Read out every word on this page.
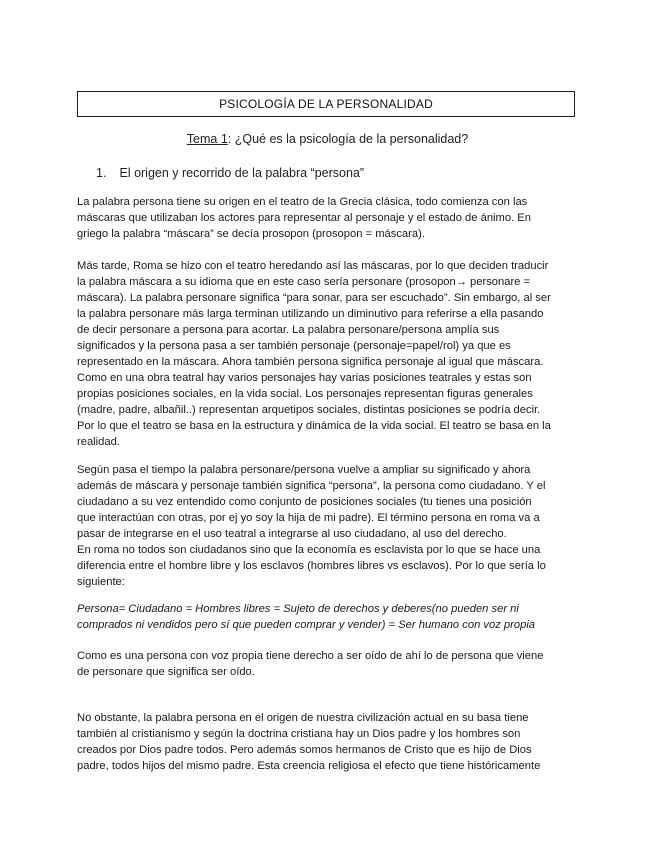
PSICOLOGÍA DE LA PERSONALIDAD
Tema 1: ¿Qué es la psicología de la personalidad?
1. El origen y recorrido de la palabra “persona”

La palabra persona tiene su origen en el teatro de la Grecia clásica, todo comienza con las
máscaras que utilizaban los actores para representar al personaje y el estado de ánimo. En
griego la palabra “máscara” se decía prosopon (prosopon = máscara).

Más tarde, Roma se hizo con el teatro heredando así las máscaras, por lo que deciden traducir
la palabra máscara a su idioma que en este caso sería personare (prosopon→ personare =
máscara). La palabra personare significa “para sonar, para ser escuchado”. Sin embargo, al ser
la palabra personare más larga terminan utilizando un diminutivo para referirse a ella pasando
de decir personare a persona para acortar. La palabra personare/persona amplía sus
significados y la persona pasa a ser también personaje (personaje=papel/rol) ya que es
representado en la máscara. Ahora también persona significa personaje al igual que máscara.
Como en una obra teatral hay varios personajes hay varias posiciones teatrales y estas son
propias posiciones sociales, en la vida social. Los personajes representan figuras generales
(madre, padre, albañil..) representan arquetipos sociales, distintas posiciones se podría decir.
Por lo que el teatro se basa en la estructura y dinámica de la vida social. El teatro se basa en la
realidad.

Según pasa el tiempo la palabra personare/persona vuelve a ampliar su significado y ahora
además de máscara y personaje también significa “persona”, la persona como ciudadano. Y el
ciudadano a su vez entendido como conjunto de posiciones sociales (tu tienes una posición
que interactúan con otras, por ej yo soy la hija de mi padre). El término persona en roma va a
pasar de integrarse en el uso teatral a integrarse al uso ciudadano, al uso del derecho.
En roma no todos son ciudadanos sino que la economía es esclavista por lo que se hace una
diferencia entre el hombre libre y los esclavos (hombres libres vs esclavos). Por lo que sería lo
siguiente:

Persona= Ciudadano = Hombres libres = Sujeto de derechos y deberes(no pueden ser ni
comprados ni vendidos pero sí que pueden comprar y vender) = Ser humano con voz propia

Como es una persona con voz propia tiene derecho a ser oído de ahí lo de persona que viene
de personare que significa ser oído.

No obstante, la palabra persona en el origen de nuestra civilización actual en su basa tiene
también al cristianismo y según la doctrina cristiana hay un Dios padre y los hombres son
creados por Dios padre todos. Pero además somos hermanos de Cristo que es hijo de Dios
padre, todos hijos del mismo padre. Esta creencia religiosa el efecto que tiene históricamente
